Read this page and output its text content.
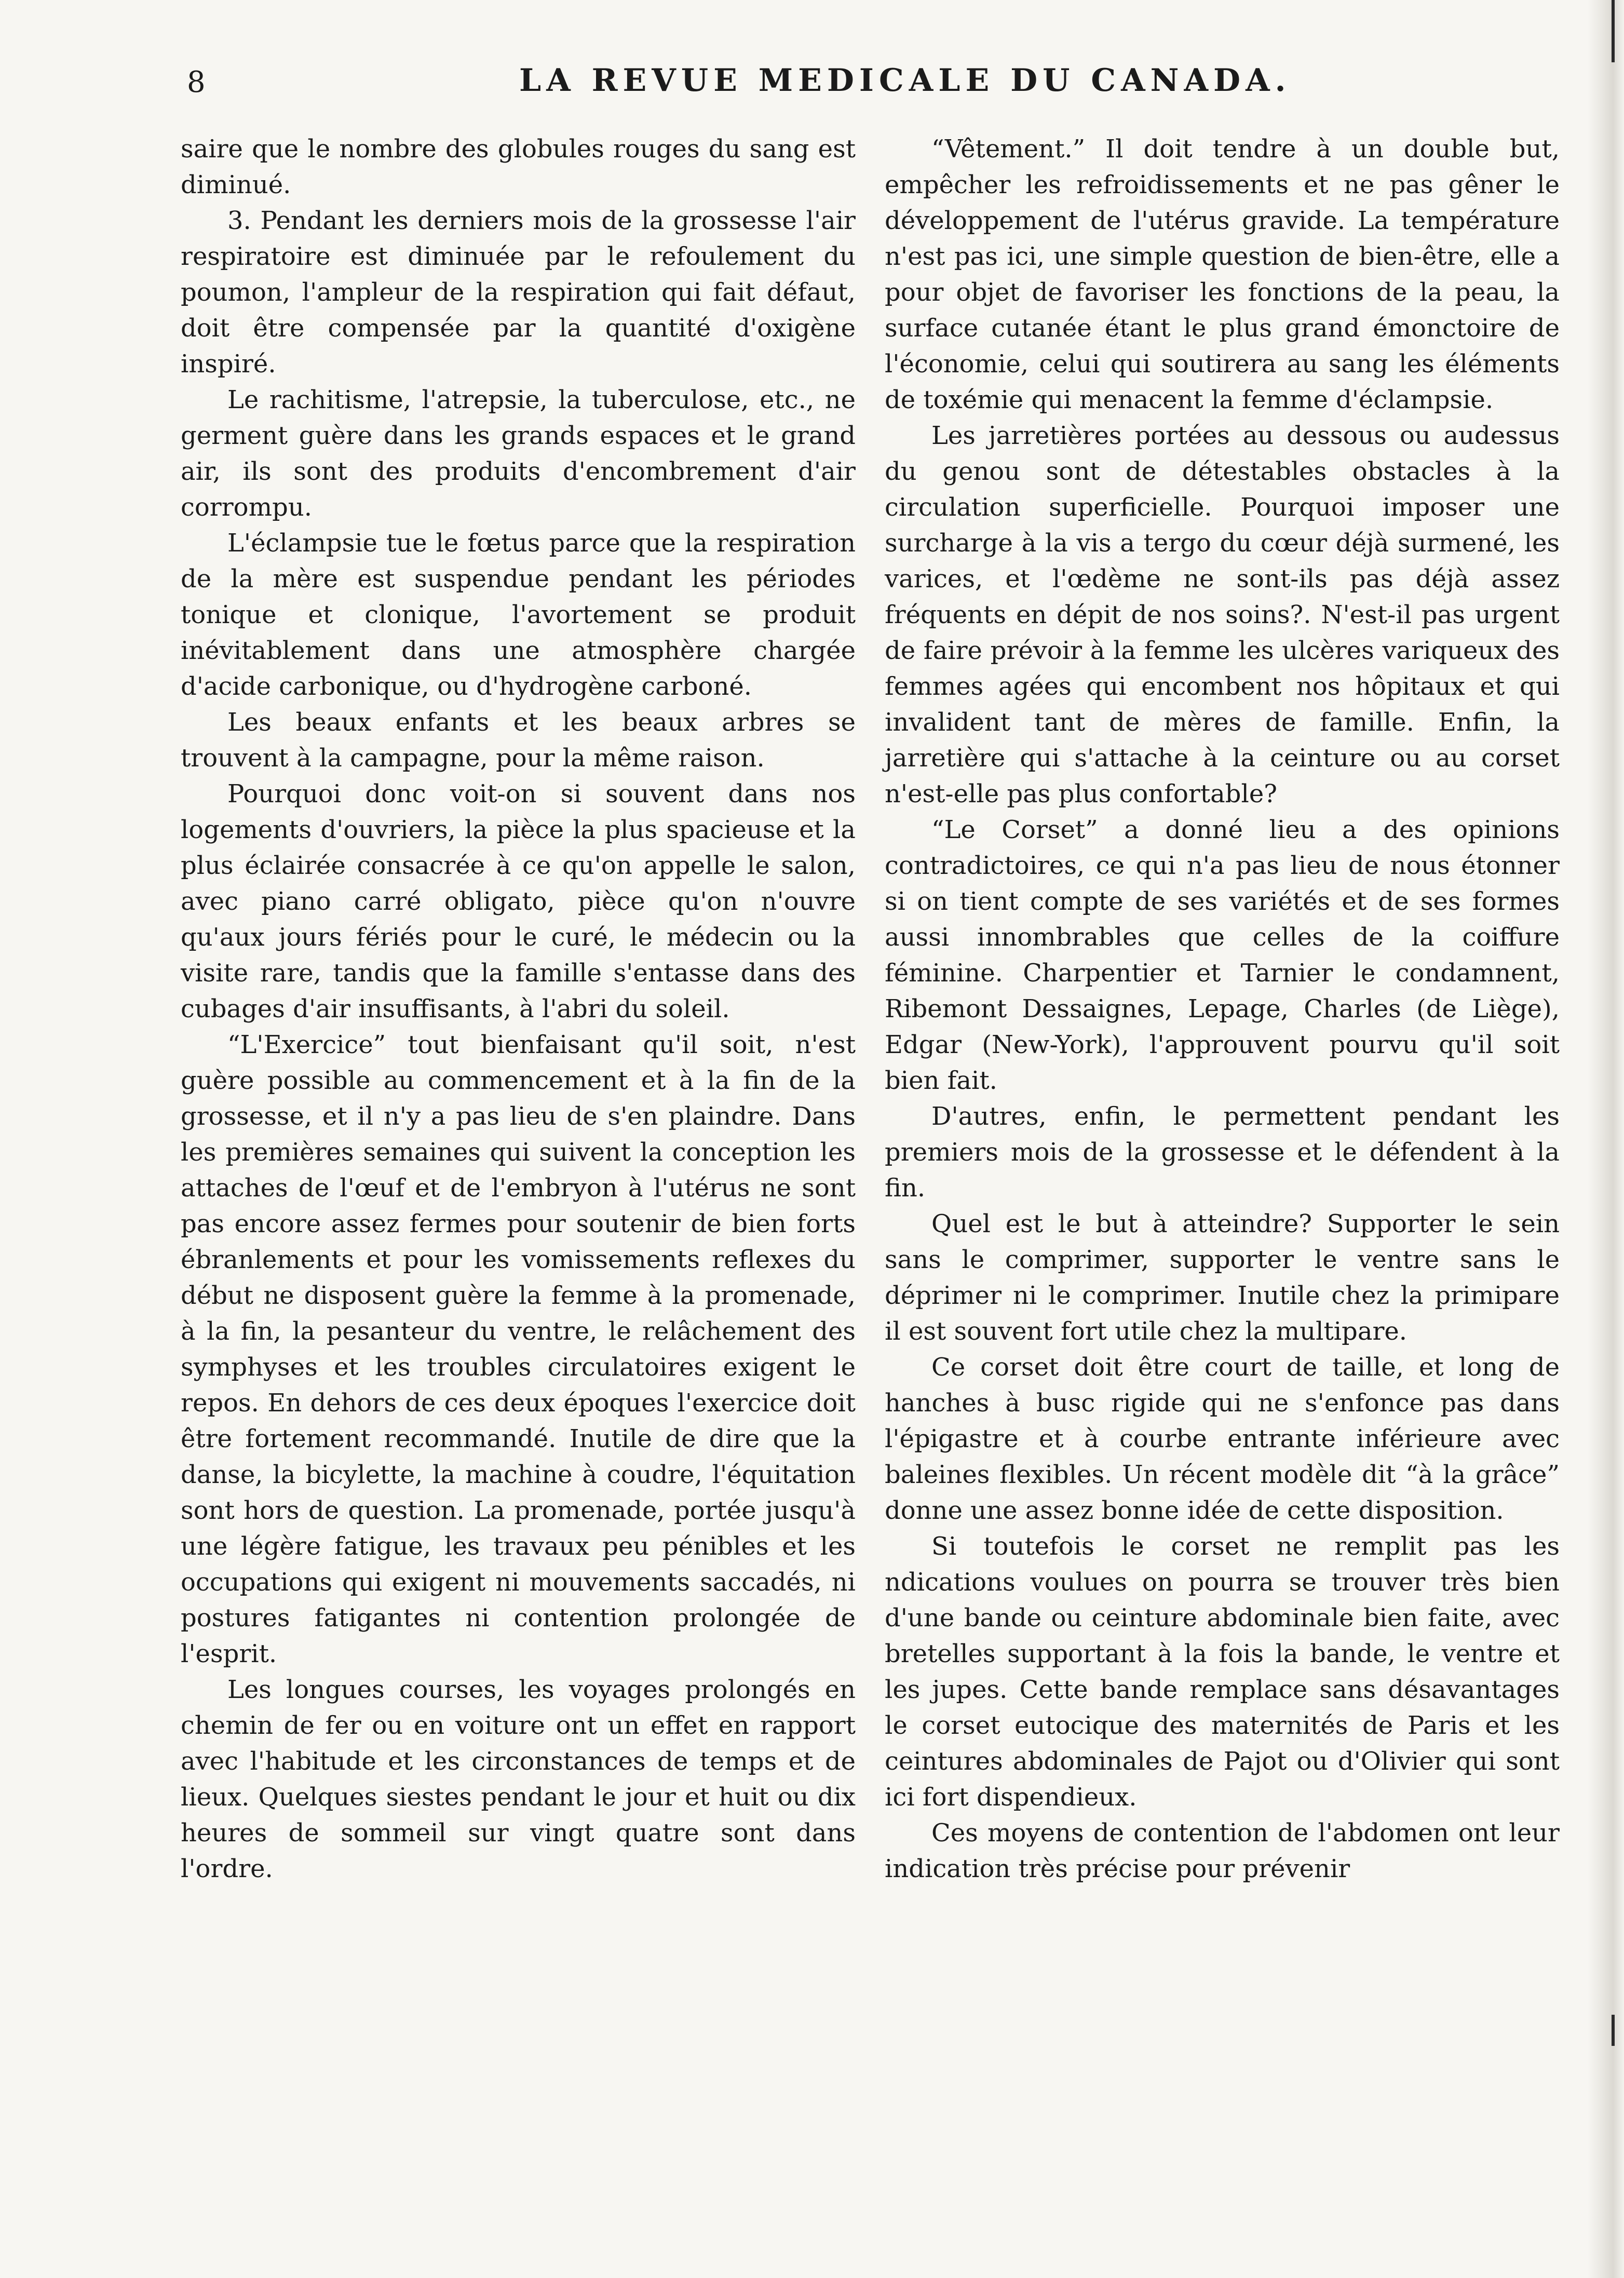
8	LA REVUE MEDICALE DU CANADA.

saire que le nombre des globules rouges du sang est diminué.

3. Pendant les derniers mois de la grossesse l'air respiratoire est diminuée par le refoulement du poumon, l'ampleur de la respiration qui fait défaut, doit être compensée par la quantité d'oxigène inspiré.

Le rachitisme, l'atrepsie, la tuberculose, etc., ne germent guère dans les grands espaces et le grand air, ils sont des produits d'encombrement d'air corrompu.

L'éclampsie tue le fœtus parce que la respiration de la mère est suspendue pendant les périodes tonique et clonique, l'avortement se produit inévitablement dans une atmosphère chargée d'acide carbonique, ou d'hydrogène carboné.

Les beaux enfants et les beaux arbres se trouvent à la campagne, pour la même raison.

Pourquoi donc voit-on si souvent dans nos logements d'ouvriers, la pièce la plus spacieuse et la plus éclairée consacrée à ce qu'on appelle le salon, avec piano carré obligato, pièce qu'on n'ouvre qu'aux jours fériés pour le curé, le médecin ou la visite rare, tandis que la famille s'entasse dans des cubages d'air insuffisants, à l'abri du soleil.

“L'Exercice” tout bienfaisant qu'il soit, n'est guère possible au commencement et à la fin de la grossesse, et il n'y a pas lieu de s'en plaindre. Dans les premières semaines qui suivent la conception les attaches de l'œuf et de l'embryon à l'utérus ne sont pas encore assez fermes pour soutenir de bien forts ébranlements et pour les vomissements reflexes du début ne disposent guère la femme à la promenade, à la fin, la pesanteur du ventre, le relâchement des symphyses et les troubles circulatoires exigent le repos. En dehors de ces deux époques l'exercice doit être fortement recommandé. Inutile de dire que la danse, la bicylette, la machine à coudre, l'équitation sont hors de question. La promenade, portée jusqu'à une légère fatigue, les travaux peu pénibles et les occupations qui exigent ni mouvements saccadés, ni postures fatigantes ni contention prolongée de l'esprit.

Les longues courses, les voyages prolongés en chemin de fer ou en voiture ont un effet en rapport avec l'habitude et les circonstances de temps et de lieux. Quelques siestes pendant le jour et huit ou dix heures de sommeil sur vingt quatre sont dans l'ordre.

“Vêtement.” Il doit tendre à un double but, empêcher les refroidissements et ne pas gêner le développement de l'utérus gravide. La température n'est pas ici, une simple question de bien-être, elle a pour objet de favoriser les fonctions de la peau, la surface cutanée étant le plus grand émonctoire de l'économie, celui qui soutirera au sang les éléments de toxémie qui menacent la femme d'éclampsie.

Les jarretières portées au dessous ou audessus du genou sont de détestables obstacles à la circulation superficielle. Pourquoi imposer une surcharge à la vis a tergo du cœur déjà surmené, les varices, et l'œdème ne sont-ils pas déjà assez fréquents en dépit de nos soins?. N'est-il pas urgent de faire prévoir à la femme les ulcères variqueux des femmes agées qui encombent nos hôpitaux et qui invalident tant de mères de famille. Enfin, la jarretière qui s'attache à la ceinture ou au corset n'est-elle pas plus confortable?

“Le Corset” a donné lieu a des opinions contradictoires, ce qui n'a pas lieu de nous étonner si on tient compte de ses variétés et de ses formes aussi innombrables que celles de la coiffure féminine. Charpentier et Tarnier le condamnent, Ribemont Dessaignes, Lepage, Charles (de Liège), Edgar (New-York), l'approuvent pourvu qu'il soit bien fait.

D'autres, enfin, le permettent pendant les premiers mois de la grossesse et le défendent à la fin.

Quel est le but à atteindre? Supporter le sein sans le comprimer, supporter le ventre sans le déprimer ni le comprimer. Inutile chez la primipare il est souvent fort utile chez la multipare.

Ce corset doit être court de taille, et long de hanches à busc rigide qui ne s'enfonce pas dans l'épigastre et à courbe entrante inférieure avec baleines flexibles. Un récent modèle dit “à la grâce” donne une assez bonne idée de cette disposition.

Si toutefois le corset ne remplit pas les ndications voulues on pourra se trouver très bien d'une bande ou ceinture abdominale bien faite, avec bretelles supportant à la fois la bande, le ventre et les jupes. Cette bande remplace sans désavantages le corset eutocique des maternités de Paris et les ceintures abdominales de Pajot ou d'Olivier qui sont ici fort dispendieux.

Ces moyens de contention de l'abdomen ont leur indication très précise pour prévenir
